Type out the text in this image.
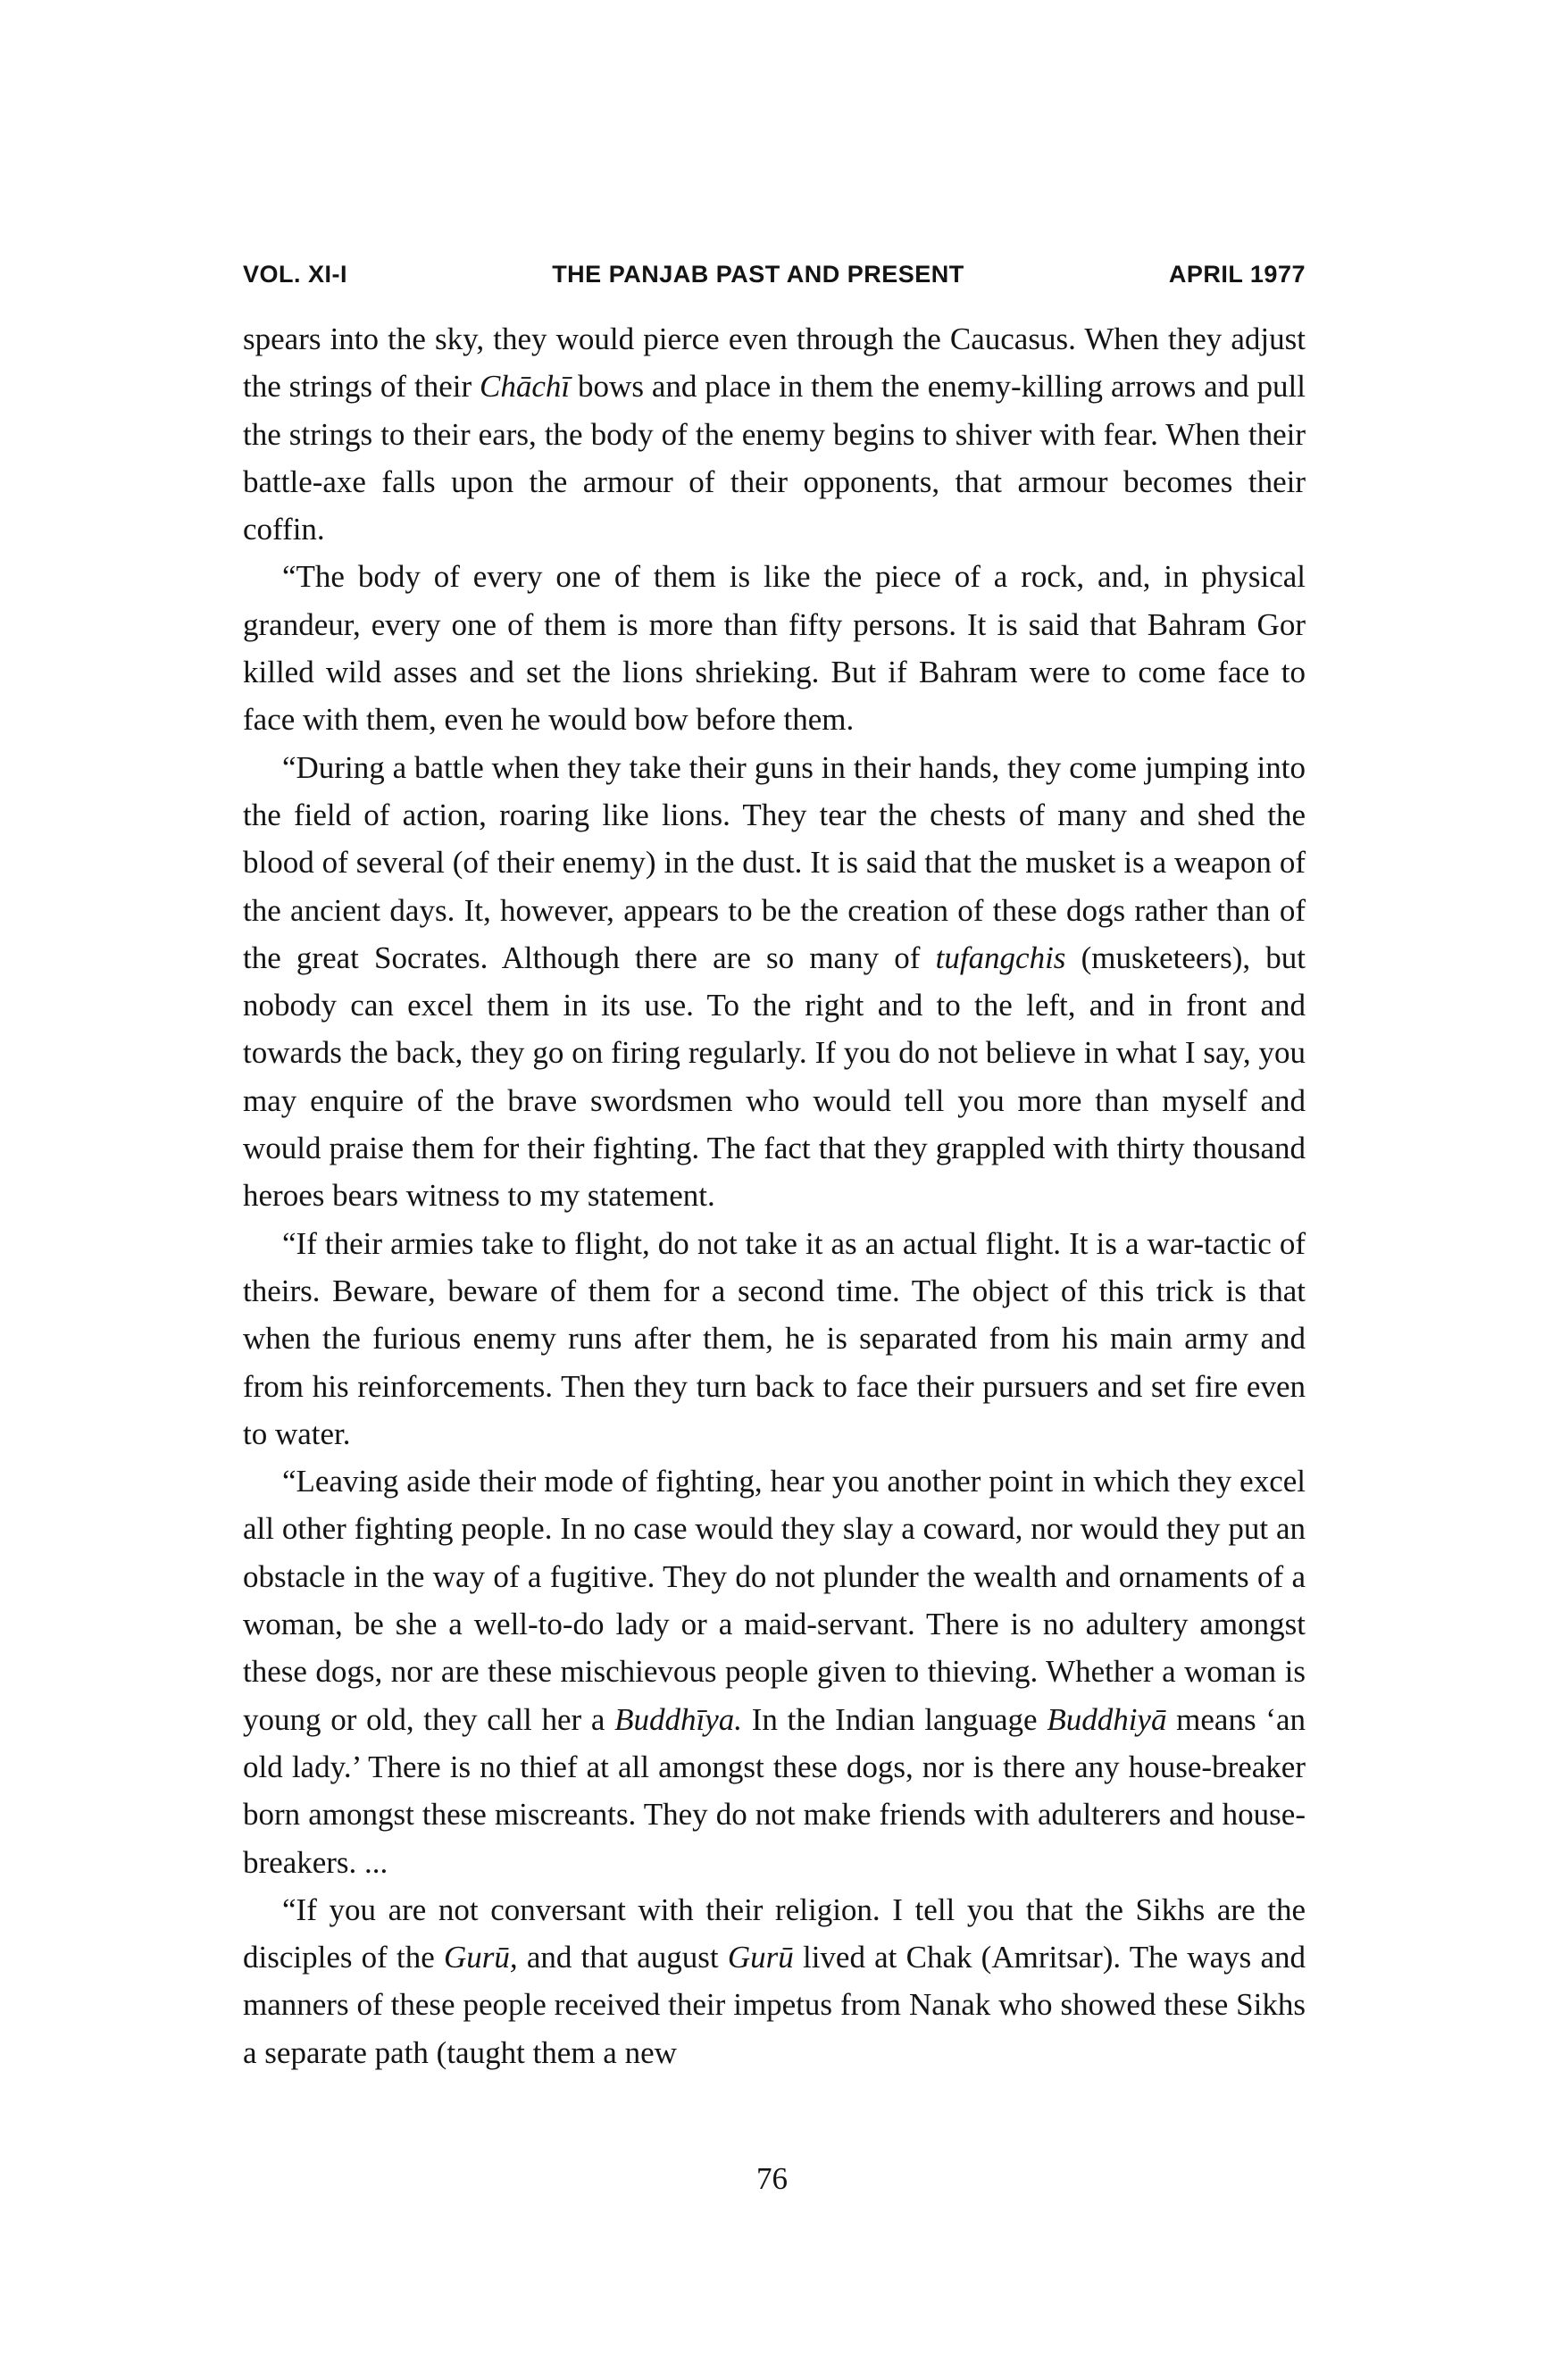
VOL. XI-I	THE PANJAB PAST AND PRESENT	APRIL 1977

spears into the sky, they would pierce even through the Caucasus. When they adjust the strings of their Chāchī bows and place in them the enemy-killing arrows and pull the strings to their ears, the body of the enemy begins to shiver with fear. When their battle-axe falls upon the armour of their opponents, that armour becomes their coffin.

“The body of every one of them is like the piece of a rock, and, in physical grandeur, every one of them is more than fifty persons. It is said that Bahram Gor killed wild asses and set the lions shrieking. But if Bahram were to come face to face with them, even he would bow before them.

“During a battle when they take their guns in their hands, they come jumping into the field of action, roaring like lions. They tear the chests of many and shed the blood of several (of their enemy) in the dust. It is said that the musket is a weapon of the ancient days. It, however, appears to be the creation of these dogs rather than of the great Socrates. Although there are so many of tufangchis (musketeers), but nobody can excel them in its use. To the right and to the left, and in front and towards the back, they go on firing regularly. If you do not believe in what I say, you may enquire of the brave swordsmen who would tell you more than myself and would praise them for their fighting. The fact that they grappled with thirty thousand heroes bears witness to my statement.

“If their armies take to flight, do not take it as an actual flight. It is a war-tactic of theirs. Beware, beware of them for a second time. The object of this trick is that when the furious enemy runs after them, he is separated from his main army and from his reinforcements. Then they turn back to face their pursuers and set fire even to water.

“Leaving aside their mode of fighting, hear you another point in which they excel all other fighting people. In no case would they slay a coward, nor would they put an obstacle in the way of a fugitive. They do not plunder the wealth and ornaments of a woman, be she a well-to-do lady or a maid-servant. There is no adultery amongst these dogs, nor are these mischievous people given to thieving. Whether a woman is young or old, they call her a Buddhīya. In the Indian language Buddhiyā means ‘an old lady.’ There is no thief at all amongst these dogs, nor is there any house-breaker born amongst these miscreants. They do not make friends with adulterers and house-breakers. ...

“If you are not conversant with their religion. I tell you that the Sikhs are the disciples of the Gurū, and that august Gurū lived at Chak (Amritsar). The ways and manners of these people received their impetus from Nanak who showed these Sikhs a separate path (taught them a new

76
